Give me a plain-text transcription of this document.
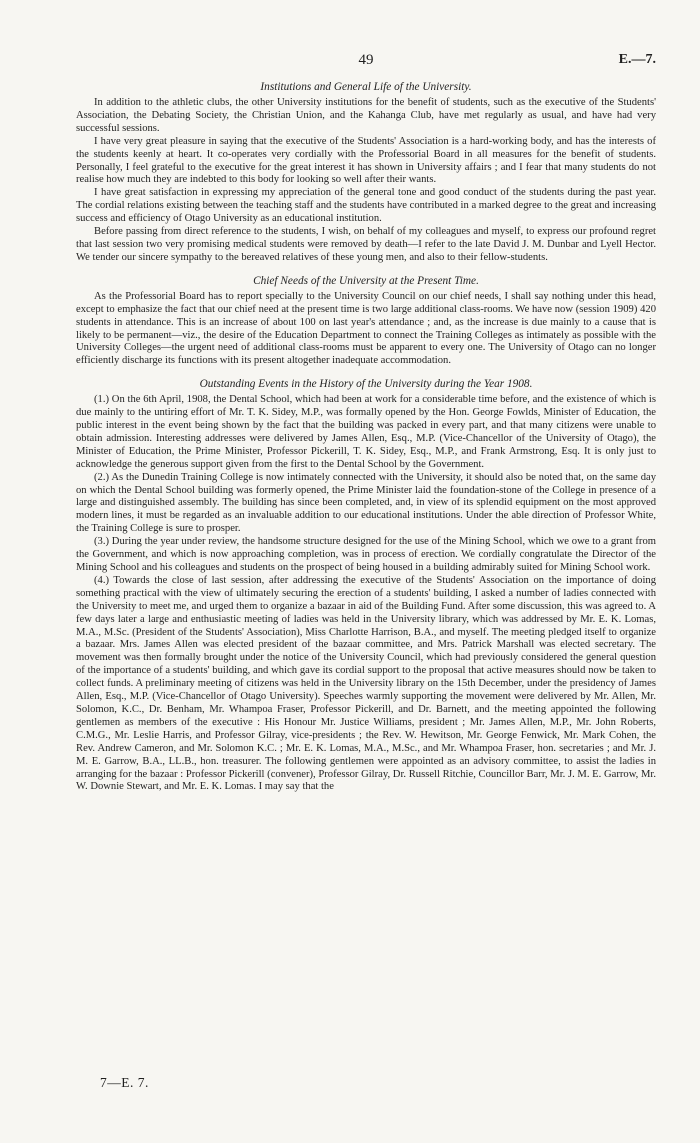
49	E.—7.
Institutions and General Life of the University.

In addition to the athletic clubs, the other University institutions for the benefit of students, such as the executive of the Students' Association, the Debating Society, the Christian Union, and the Kahanga Club, have met regularly as usual, and have had very successful sessions.

I have very great pleasure in saying that the executive of the Students' Association is a hard-working body, and has the interests of the students keenly at heart. It co-operates very cordially with the Professorial Board in all measures for the benefit of students. Personally, I feel grateful to the executive for the great interest it has shown in University affairs ; and I fear that many students do not realise how much they are indebted to this body for looking so well after their wants.

I have great satisfaction in expressing my appreciation of the general tone and good conduct of the students during the past year. The cordial relations existing between the teaching staff and the students have contributed in a marked degree to the great and increasing success and efficiency of Otago University as an educational institution.

Before passing from direct reference to the students, I wish, on behalf of my colleagues and myself, to express our profound regret that last session two very promising medical students were removed by death—I refer to the late David J. M. Dunbar and Lyell Hector. We tender our sincere sympathy to the bereaved relatives of these young men, and also to their fellow-students.

Chief Needs of the University at the Present Time.

As the Professorial Board has to report specially to the University Council on our chief needs, I shall say nothing under this head, except to emphasize the fact that our chief need at the present time is two large additional class-rooms. We have now (session 1909) 420 students in attendance. This is an increase of about 100 on last year's attendance ; and, as the increase is due mainly to a cause that is likely to be permanent—viz., the desire of the Education Department to connect the Training Colleges as intimately as possible with the University Colleges—the urgent need of additional class-rooms must be apparent to every one. The University of Otago can no longer efficiently discharge its functions with its present altogether inadequate accommodation.

Outstanding Events in the History of the University during the Year 1908.

(1.) On the 6th April, 1908, the Dental School, which had been at work for a considerable time before, and the existence of which is due mainly to the untiring effort of Mr. T. K. Sidey, M.P., was formally opened by the Hon. George Fowlds, Minister of Education, the public interest in the event being shown by the fact that the building was packed in every part, and that many citizens were unable to obtain admission. Interesting addresses were delivered by James Allen, Esq., M.P. (Vice-Chancellor of the University of Otago), the Minister of Education, the Prime Minister, Professor Pickerill, T. K. Sidey, Esq., M.P., and Frank Armstrong, Esq. It is only just to acknowledge the generous support given from the first to the Dental School by the Government.

(2.) As the Dunedin Training College is now intimately connected with the University, it should also be noted that, on the same day on which the Dental School building was formerly opened, the Prime Minister laid the foundation-stone of the College in presence of a large and distinguished assembly. The building has since been completed, and, in view of its splendid equipment on the most approved modern lines, it must be regarded as an invaluable addition to our educational institutions. Under the able direction of Professor White, the Training College is sure to prosper.

(3.) During the year under review, the handsome structure designed for the use of the Mining School, which we owe to a grant from the Government, and which is now approaching completion, was in process of erection. We cordially congratulate the Director of the Mining School and his colleagues and students on the prospect of being housed in a building admirably suited for Mining School work.

(4.) Towards the close of last session, after addressing the executive of the Students' Association on the importance of doing something practical with the view of ultimately securing the erection of a students' building, I asked a number of ladies connected with the University to meet me, and urged them to organize a bazaar in aid of the Building Fund. After some discussion, this was agreed to. A few days later a large and enthusiastic meeting of ladies was held in the University library, which was addressed by Mr. E. K. Lomas, M.A., M.Sc. (President of the Students' Association), Miss Charlotte Harrison, B.A., and myself. The meeting pledged itself to organize a bazaar. Mrs. James Allen was elected president of the bazaar committee, and Mrs. Patrick Marshall was elected secretary. The movement was then formally brought under the notice of the University Council, which had previously considered the general question of the importance of a students' building, and which gave its cordial support to the proposal that active measures should now be taken to collect funds. A preliminary meeting of citizens was held in the University library on the 15th December, under the presidency of James Allen, Esq., M.P. (Vice-Chancellor of Otago University). Speeches warmly supporting the movement were delivered by Mr. Allen, Mr. Solomon, K.C., Dr. Benham, Mr. Whampoa Fraser, Professor Pickerill, and Dr. Barnett, and the meeting appointed the following gentlemen as members of the executive : His Honour Mr. Justice Williams, president ; Mr. James Allen, M.P., Mr. John Roberts, C.M.G., Mr. Leslie Harris, and Professor Gilray, vice-presidents ; the Rev. W. Hewitson, Mr. George Fenwick, Mr. Mark Cohen, the Rev. Andrew Cameron, and Mr. Solomon K.C. ; Mr. E. K. Lomas, M.A., M.Sc., and Mr. Whampoa Fraser, hon. secretaries ; and Mr. J. M. E. Garrow, B.A., LL.B., hon. treasurer. The following gentlemen were appointed as an advisory committee, to assist the ladies in arranging for the bazaar : Professor Pickerill (convener), Professor Gilray, Dr. Russell Ritchie, Councillor Barr, Mr. J. M. E. Garrow, Mr. W. Downie Stewart, and Mr. E. K. Lomas. I may say that the

7—E. 7.
